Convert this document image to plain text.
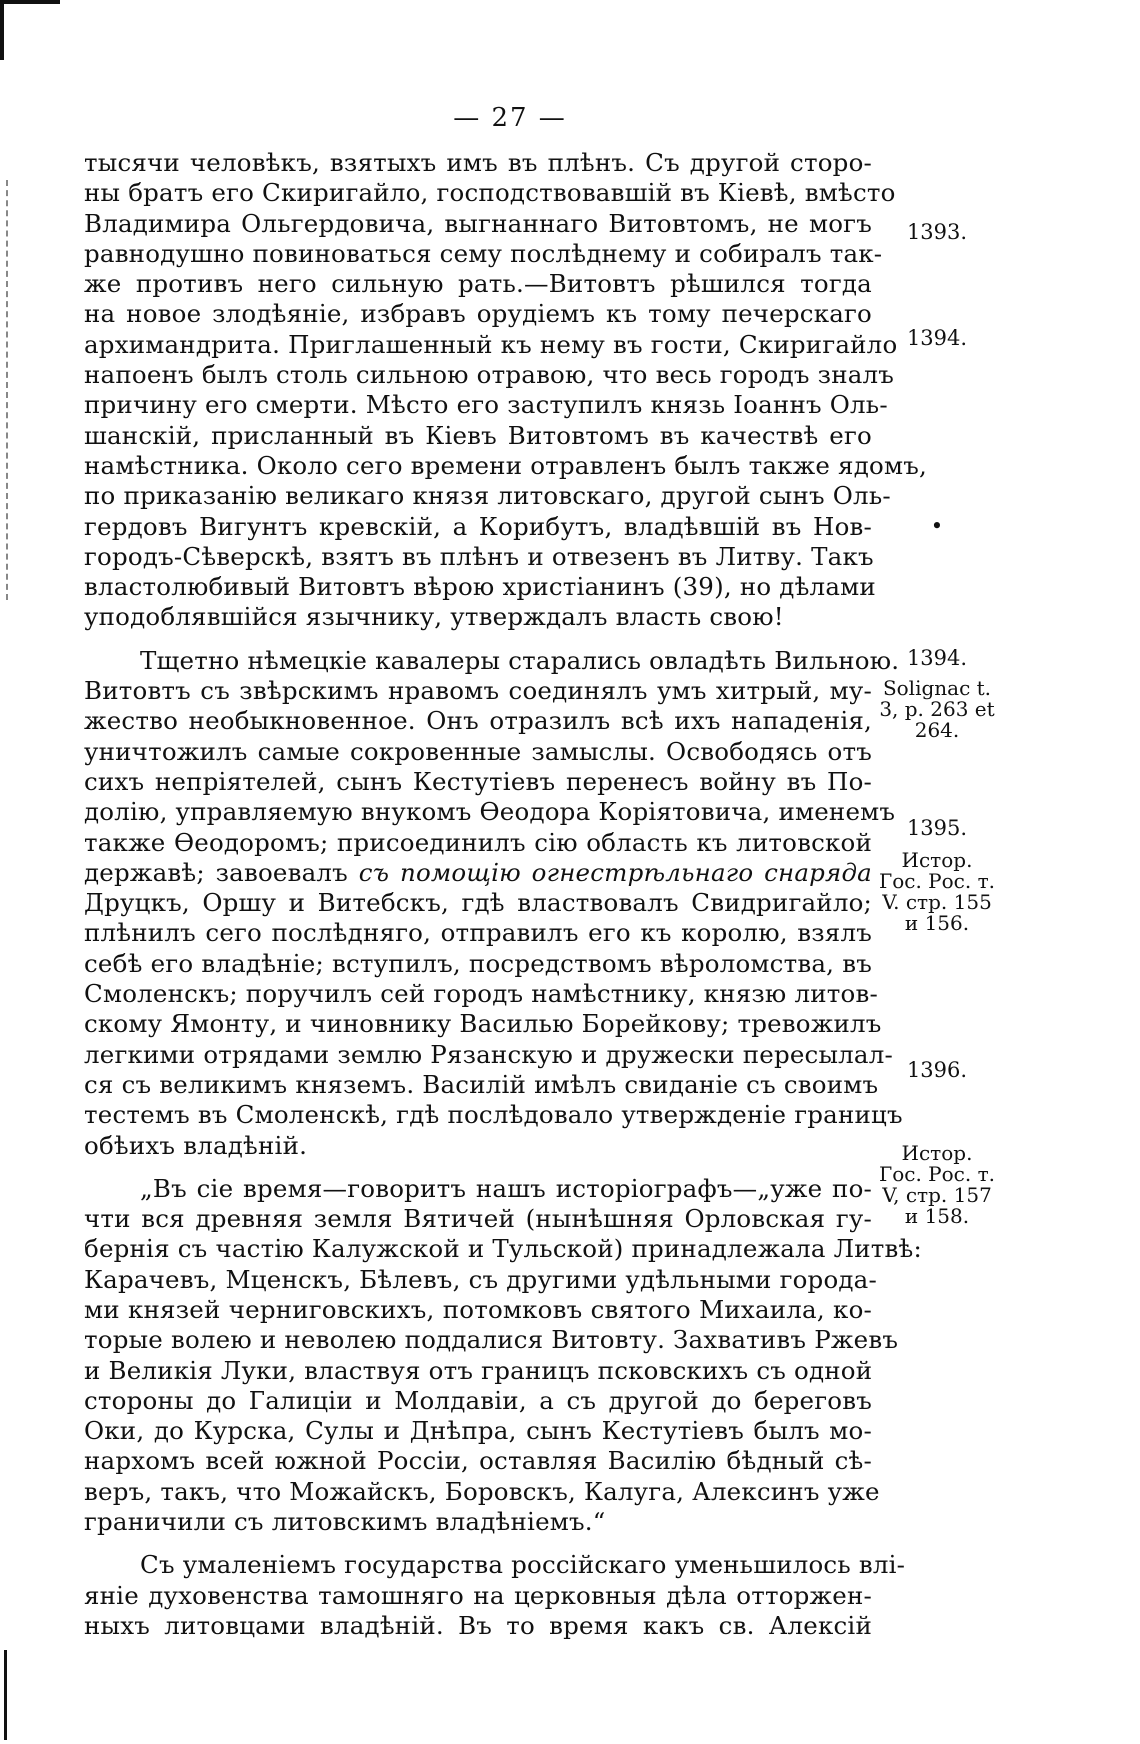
— 27 —
тысячи человѣкъ, взятыхъ имъ въ плѣнъ. Съ другой сторо-
ны братъ его Скиригайло, господствовавшій въ Кіевѣ, вмѣсто
Владимира Ольгердовича, выгнаннаго Витовтомъ, не могъ
равнодушно повиноваться сему послѣднему и собиралъ так-
же противъ него сильную рать.—Витовтъ рѣшился тогда
на новое злодѣяніе, избравъ орудіемъ къ тому печерскаго
архимандрита. Приглашенный къ нему въ гости, Скиригайло
напоенъ былъ столь сильною отравою, что весь городъ зналъ
причину его смерти. Мѣсто его заступилъ князь Іоаннъ Оль-
шанскій, присланный въ Кіевъ Витовтомъ въ качествѣ его
намѣстника. Около сего времени отравленъ былъ также ядомъ,
по приказанію великаго князя литовскаго, другой сынъ Оль-
гердовъ Вигунтъ кревскій, а Корибутъ, владѣвшій въ Нов-
городъ-Сѣверскѣ, взятъ въ плѣнъ и отвезенъ въ Литву. Такъ
властолюбивый Витовтъ вѣрою христіанинъ (39), но дѣлами
уподоблявшійся язычнику, утверждалъ власть свою!
Тщетно нѣмецкіе кавалеры старались овладѣть Вильною.
Витовтъ съ звѣрскимъ нравомъ соединялъ умъ хитрый, му-
жество необыкновенное. Онъ отразилъ всѣ ихъ нападенія,
уничтожилъ самые сокровенные замыслы. Освободясь отъ
сихъ непріятелей, сынъ Кестутіевъ перенесъ войну въ По-
долію, управляемую внукомъ Ѳеодора Коріятовича, именемъ
также Ѳеодоромъ; присоединилъ сію область къ литовской
державѣ; завоевалъ съ помощію огнестрѣльнаго снаряда
Друцкъ, Оршу и Витебскъ, гдѣ властвовалъ Свидригайло;
плѣнилъ сего послѣдняго, отправилъ его къ королю, взялъ
себѣ его владѣніе; вступилъ, посредствомъ вѣроломства, въ
Смоленскъ; поручилъ сей городъ намѣстнику, князю литов-
скому Ямонту, и чиновнику Василью Борейкову; тревожилъ
легкими отрядами землю Рязанскую и дружески пересылал-
ся съ великимъ княземъ. Василій имѣлъ свиданіе съ своимъ
тестемъ въ Смоленскѣ, гдѣ послѣдовало утвержденіе границъ
обѣихъ владѣній.
„Въ сіе время—говоритъ нашъ исторіографъ—„уже по-
чти вся древняя земля Вятичей (нынѣшняя Орловская гу-
бернія съ частію Калужской и Тульской) принадлежала Литвѣ:
Карачевъ, Мценскъ, Бѣлевъ, съ другими удѣльными города-
ми князей черниговскихъ, потомковъ святого Михаила, ко-
торые волею и неволею поддалися Витовту. Захвативъ Ржевъ
и Великія Луки, властвуя отъ границъ псковскихъ съ одной
стороны до Галиціи и Молдавіи, а съ другой до береговъ
Оки, до Курска, Сулы и Днѣпра, сынъ Кестутіевъ былъ мо-
нархомъ всей южной Россіи, оставляя Василію бѣдный сѣ-
веръ, такъ, что Можайскъ, Боровскъ, Калуга, Алексинъ уже
граничили съ литовскимъ владѣніемъ.“
Съ умаленіемъ государства россійскаго уменьшилось влі-
яніе духовенства тамошняго на церковныя дѣла отторжен-
ныхъ литовцами владѣній. Въ то время какъ св. Алексій
1393.
1394.
•
1394.
Solignac t. 3, p. 263 et 264.
1395.
Истор. Гос. Рос. т. V. стр. 155 и 156.
1396.
Истор. Гос. Рос. т. V, стр. 157 и 158.
